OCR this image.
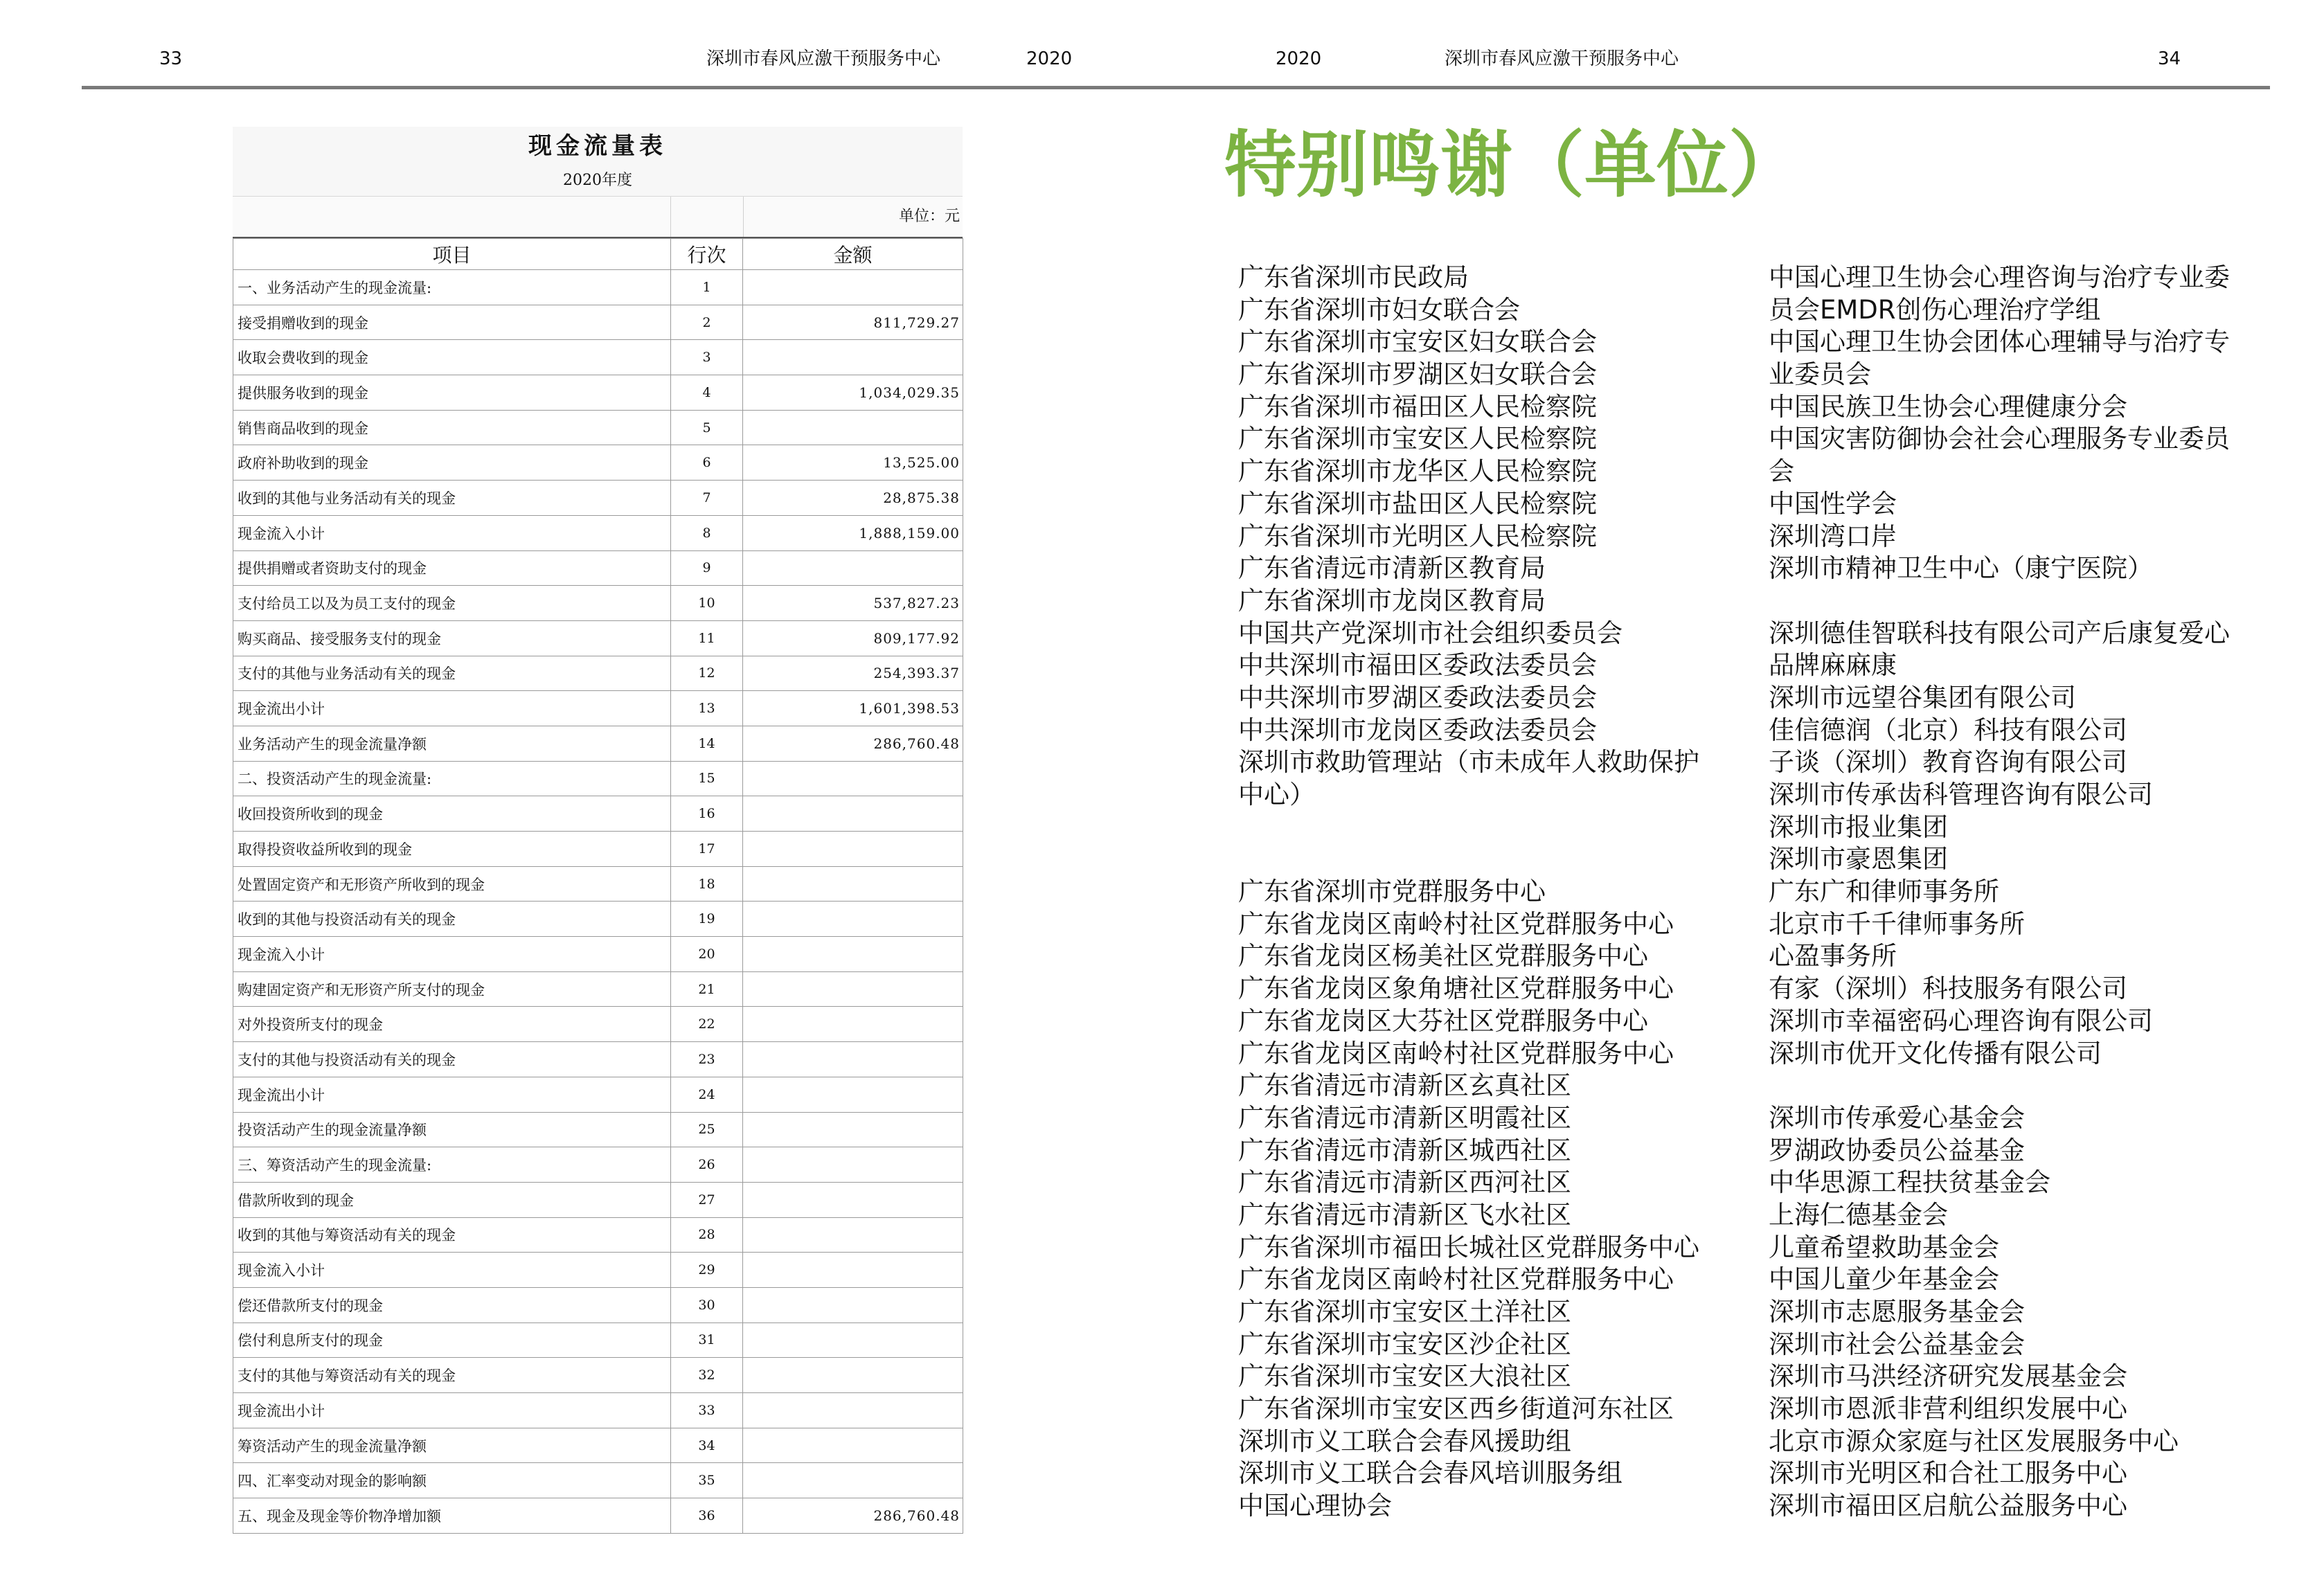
33	深圳市春风应激干预服务中心	2020	2020	深圳市春风应激干预服务中心	34
现金流量表
2020年度
单位：元
项目	行次	金额
一、业务活动产生的现金流量:	1	
接受捐赠收到的现金	2	811,729.27
收取会费收到的现金	3	
提供服务收到的现金	4	1,034,029.35
销售商品收到的现金	5	
政府补助收到的现金	6	13,525.00
收到的其他与业务活动有关的现金	7	28,875.38
现金流入小计	8	1,888,159.00
提供捐赠或者资助支付的现金	9	
支付给员工以及为员工支付的现金	10	537,827.23
购买商品、接受服务支付的现金	11	809,177.92
支付的其他与业务活动有关的现金	12	254,393.37
现金流出小计	13	1,601,398.53
业务活动产生的现金流量净额	14	286,760.48
二、投资活动产生的现金流量:	15	
收回投资所收到的现金	16	
取得投资收益所收到的现金	17	
处置固定资产和无形资产所收到的现金	18	
收到的其他与投资活动有关的现金	19	
现金流入小计	20	
购建固定资产和无形资产所支付的现金	21	
对外投资所支付的现金	22	
支付的其他与投资活动有关的现金	23	
现金流出小计	24	
投资活动产生的现金流量净额	25	
三、筹资活动产生的现金流量:	26	
借款所收到的现金	27	
收到的其他与筹资活动有关的现金	28	
现金流入小计	29	
偿还借款所支付的现金	30	
偿付利息所支付的现金	31	
支付的其他与筹资活动有关的现金	32	
现金流出小计	33	
筹资活动产生的现金流量净额	34	
四、汇率变动对现金的影响额	35	
五、现金及现金等价物净增加额	36	286,760.48
特别鸣谢（单位）
广东省深圳市民政局
广东省深圳市妇女联合会
广东省深圳市宝安区妇女联合会
广东省深圳市罗湖区妇女联合会
广东省深圳市福田区人民检察院
广东省深圳市宝安区人民检察院
广东省深圳市龙华区人民检察院
广东省深圳市盐田区人民检察院
广东省深圳市光明区人民检察院
广东省清远市清新区教育局
广东省深圳市龙岗区教育局
中国共产党深圳市社会组织委员会
中共深圳市福田区委政法委员会
中共深圳市罗湖区委政法委员会
中共深圳市龙岗区委政法委员会
深圳市救助管理站（市未成年人救助保护
中心）
广东省深圳市党群服务中心
广东省龙岗区南岭村社区党群服务中心
广东省龙岗区杨美社区党群服务中心
广东省龙岗区象角塘社区党群服务中心
广东省龙岗区大芬社区党群服务中心
广东省龙岗区南岭村社区党群服务中心
广东省清远市清新区玄真社区
广东省清远市清新区明霞社区
广东省清远市清新区城西社区
广东省清远市清新区西河社区
广东省清远市清新区飞水社区
广东省深圳市福田长城社区党群服务中心
广东省龙岗区南岭村社区党群服务中心
广东省深圳市宝安区土洋社区
广东省深圳市宝安区沙企社区
广东省深圳市宝安区大浪社区
广东省深圳市宝安区西乡街道河东社区
深圳市义工联合会春风援助组
深圳市义工联合会春风培训服务组
中国心理协会
中国心理卫生协会心理咨询与治疗专业委
员会EMDR创伤心理治疗学组
中国心理卫生协会团体心理辅导与治疗专
业委员会
中国民族卫生协会心理健康分会
中国灾害防御协会社会心理服务专业委员
会
中国性学会
深圳湾口岸
深圳市精神卫生中心（康宁医院）
深圳德佳智联科技有限公司产后康复爱心
品牌麻麻康
深圳市远望谷集团有限公司
佳信德润（北京）科技有限公司
子谈（深圳）教育咨询有限公司
深圳市传承齿科管理咨询有限公司
深圳市报业集团
深圳市豪恩集团
广东广和律师事务所
北京市千千律师事务所
心盈事务所
有家（深圳）科技服务有限公司
深圳市幸福密码心理咨询有限公司
深圳市优开文化传播有限公司
深圳市传承爱心基金会
罗湖政协委员公益基金
中华思源工程扶贫基金会
上海仁德基金会
儿童希望救助基金会
中国儿童少年基金会
深圳市志愿服务基金会
深圳市社会公益基金会
深圳市马洪经济研究发展基金会
深圳市恩派非营利组织发展中心
北京市源众家庭与社区发展服务中心
深圳市光明区和合社工服务中心
深圳市福田区启航公益服务中心
